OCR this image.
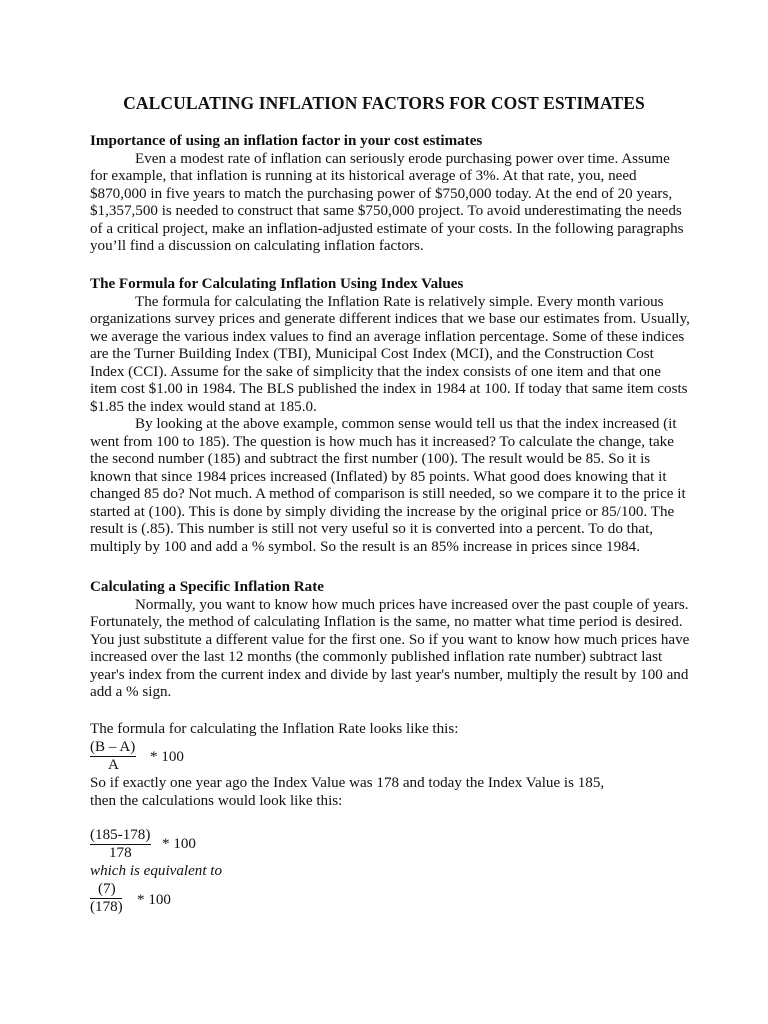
CALCULATING INFLATION FACTORS FOR COST ESTIMATES
Importance of using an inflation factor in your cost estimates

Even a modest rate of inflation can seriously erode purchasing power over time. Assume for example, that inflation is running at its historical average of 3%. At that rate, you, need $870,000 in five years to match the purchasing power of $750,000 today. At the end of 20 years, $1,357,500 is needed to construct that same $750,000 project. To avoid underestimating the needs of a critical project, make an inflation-adjusted estimate of your costs. In the following paragraphs you’ll find a discussion on calculating inflation factors.

The Formula for Calculating Inflation Using Index Values

The formula for calculating the Inflation Rate is relatively simple. Every month various organizations survey prices and generate different indices that we base our estimates from. Usually, we average the various index values to find an average inflation percentage. Some of these indices are the Turner Building Index (TBI), Municipal Cost Index (MCI), and the Construction Cost Index (CCI). Assume for the sake of simplicity that the index consists of one item and that one item cost $1.00 in 1984. The BLS published the index in 1984 at 100. If today that same item costs $1.85 the index would stand at 185.0.

By looking at the above example, common sense would tell us that the index increased (it went from 100 to 185). The question is how much has it increased? To calculate the change, take the second number (185) and subtract the first number (100). The result would be 85. So it is known that since 1984 prices increased (Inflated) by 85 points. What good does knowing that it changed 85 do? Not much. A method of comparison is still needed, so we compare it to the price it started at (100). This is done by simply dividing the increase by the original price or 85/100. The result is (.85). This number is still not very useful so it is converted into a percent. To do that, multiply by 100 and add a % symbol. So the result is an 85% increase in prices since 1984.

Calculating a Specific Inflation Rate

Normally, you want to know how much prices have increased over the past couple of years. Fortunately, the method of calculating Inflation is the same, no matter what time period is desired. You just substitute a different value for the first one. So if you want to know how much prices have increased over the last 12 months (the commonly published inflation rate number) subtract last year's index from the current index and divide by last year's number, multiply the result by 100 and add a % sign.

The formula for calculating the Inflation Rate looks like this:
$\frac{(B - A)}{A} * 100$
So if exactly one year ago the Index Value was 178 and today the Index Value is 185,
then the calculations would look like this:
$\frac{(185-178)}{178} * 100$
which is equivalent to
$\frac{(7)}{(178)} * 100$
